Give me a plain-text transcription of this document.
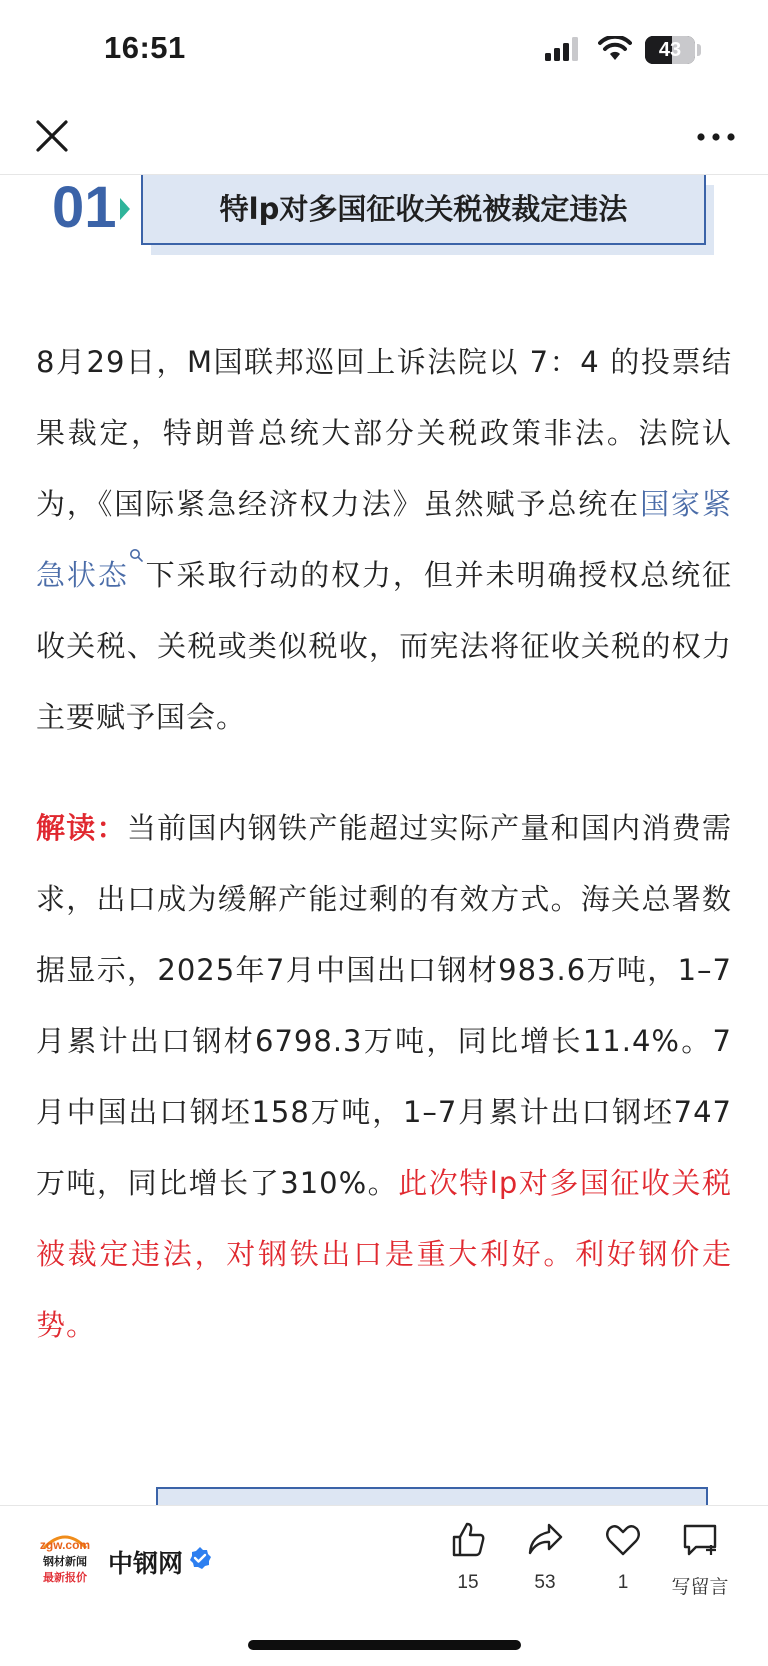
16:51	43
01	特lp对多国征收关税被裁定违法
8月29日，M国联邦巡回上诉法院以 7：4 的投票结果裁定，特朗普总统大部分关税政策非法。法院认为，《国际紧急经济权力法》虽然赋予总统在国家紧急状态 下采取行动的权力，但并未明确授权总统征收关税、关税或类似税收，而宪法将征收关税的权力主要赋予国会。
解读：当前国内钢铁产能超过实际产量和国内消费需求，出口成为缓解产能过剩的有效方式。海关总署数据显示，2025年7月中国出口钢材983.6万吨，1–7月累计出口钢材6798.3万吨，同比增长11.4%。7月中国出口钢坯158万吨，1–7月累计出口钢坯747万吨，同比增长了310%。此次特lp对多国征收关税被裁定违法，对钢铁出口是重大利好。利好钢价走势。
zgw.com
钢材新闻
最新报价 中钢网
15	53	1	写留言
